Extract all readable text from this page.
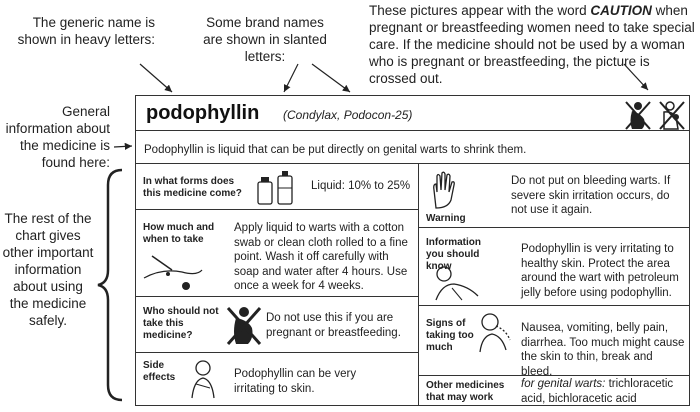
The generic name is shown in heavy letters:
Some brand names are shown in slanted letters:
These pictures appear with the word CAUTION when pregnant or breastfeeding women need to take special care. If the medicine should not be used by a woman who is pregnant or breastfeeding, the picture is crossed out.
General information about the medicine is found here:
The rest of the chart gives other important information about using the medicine safely.
podophyllin (Condylax, Podocon-25)
Podophyllin is liquid that can be put directly on genital warts to shrink them.
In what forms does this medicine come?
Liquid: 10% to 25%
How much and when to take
Apply liquid to warts with a cotton swab or clean cloth rolled to a fine point. Wash it off carefully with soap and water after 4 hours. Use once a week for 4 weeks.
Who should not take this medicine?
Do not use this if you are pregnant or breastfeeding.
Side effects	Podophyllin can be very irritating to skin.
Warning
Do not put on bleeding warts. If severe skin irritation occurs, do not use it again.
Information you should know
Podophyllin is very irritating to healthy skin. Protect the area around the wart with petroleum jelly before using podophyllin.
Signs of taking too much
Nausea, vomiting, belly pain, diarrhea. Too much might cause the skin to thin, break and bleed.
Other medicines that may work
for genital warts: trichloracetic acid, bichloracetic acid
